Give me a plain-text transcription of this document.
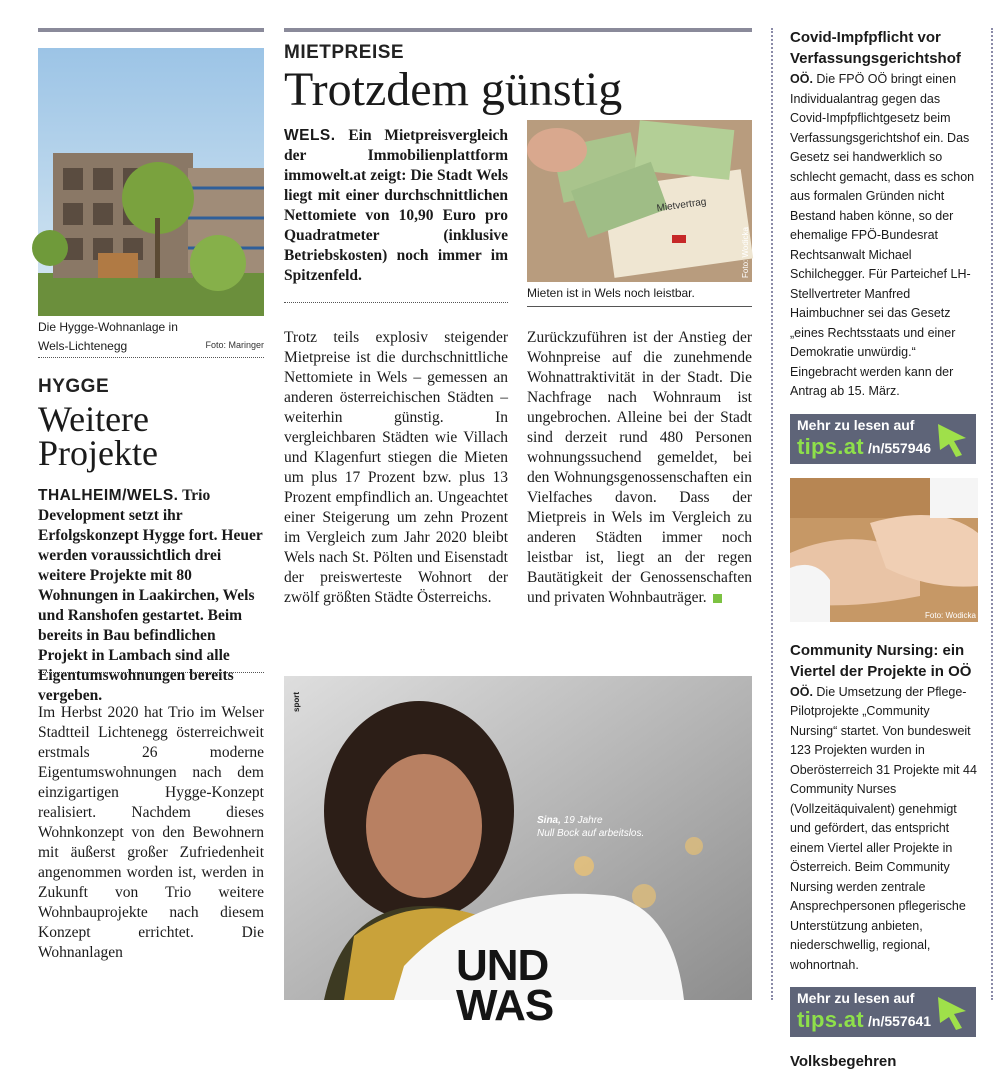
Die Hygge-Wohnanlage in Wels-Lichtenegg	Foto: Maringer
HYGGE
Weitere
Projekte
THALHEIM/WELS. Trio Development setzt ihr Erfolgskonzept Hygge fort. Heuer werden voraussichtlich drei weitere Projekte mit 80 Wohnungen in Laakirchen, Wels und Ranshofen gestartet. Beim bereits in Bau befindlichen Projekt in Lambach sind alle Eigentumswohnungen bereits vergeben.
Im Herbst 2020 hat Trio im Welser Stadtteil Lichtenegg österreichweit erstmals 26 moderne Eigentumswohnungen nach dem einzigartigen Hygge-Konzept realisiert. Nachdem dieses Wohnkonzept von den Bewohnern mit äußerst großer Zufriedenheit angenommen worden ist, werden in Zukunft von Trio weitere Wohnbauprojekte nach diesem Konzept errichtet. Die Wohnanlagen
MIETPREISE
Trotzdem günstig
WELS. Ein Mietpreisvergleich der Immobilienplattform immowelt.at zeigt: Die Stadt Wels liegt mit einer durchschnittlichen Nettomiete von 10,90 Euro pro Quadratmeter (inklusive Betriebskosten) noch immer im Spitzenfeld.
Mietvertrag
Foto: Wodicka
Mieten ist in Wels noch leistbar.
Trotz teils explosiv steigender Mietpreise ist die durchschnittliche Nettomiete in Wels – gemessen an anderen österreichischen Städten – weiterhin günstig. In vergleichbaren Städten wie Villach und Klagenfurt stiegen die Mieten um plus 17 Prozent bzw. plus 13 Prozent empfindlich an. Ungeachtet einer Steigerung um zehn Prozent im Vergleich zum Jahr 2020 bleibt Wels nach St. Pölten und Eisenstadt der preiswerteste Wohnort der zwölf größten Städte Österreichs.
Zurückzuführen ist der Anstieg der Wohnpreise auf die zunehmende Wohnattraktivität in der Stadt. Die Nachfrage nach Wohnraum ist ungebrochen. Alleine bei der Stadt sind derzeit rund 480 Personen wohnungssuchend gemeldet, bei den Wohnungsgenossenschaften ein Vielfaches davon. Dass der Mietpreis in Wels im Vergleich zu anderen Städten immer noch leistbar ist, liegt an der regen Bautätigkeit der Genossenschaften und privaten Wohnbauträger.
sport
Sina, 19 Jahre
Null Bock auf arbeitslos.
UND
WAS
Covid-Impfpflicht vor Verfassungsgerichtshof
OÖ. Die FPÖ OÖ bringt einen Individualantrag gegen das Covid-Impfpflichtgesetz beim Verfassungsgerichtshof ein. Das Gesetz sei handwerklich so schlecht gemacht, dass es schon aus formalen Gründen nicht Bestand haben könne, so der ehemalige FPÖ-Bundesrat Rechtsanwalt Michael Schilchegger. Für Parteichef LH-Stellvertreter Manfred Haimbuchner sei das Gesetz „eines Rechtsstaats und einer Demokratie unwürdig.“ Eingebracht werden kann der Antrag ab 15. März.
Mehr zu lesen auf
tips.at /n/557946
Foto: Wodicka
Community Nursing: ein Viertel der Projekte in OÖ
OÖ. Die Umsetzung der Pflege-Pilotprojekte „Community Nursing“ startet. Von bundesweit 123 Projekten wurden in Oberösterreich 31 Projekte mit 44 Community Nurses (Vollzeitäquivalent) genehmigt und gefördert, das entspricht einem Viertel aller Projekte in Österreich. Beim Community Nursing werden zentrale Ansprechpersonen pflegerische Unterstützung anbieten, niederschwellig, regional, wohnortnah.
Mehr zu lesen auf
tips.at /n/557641
Volksbegehren
